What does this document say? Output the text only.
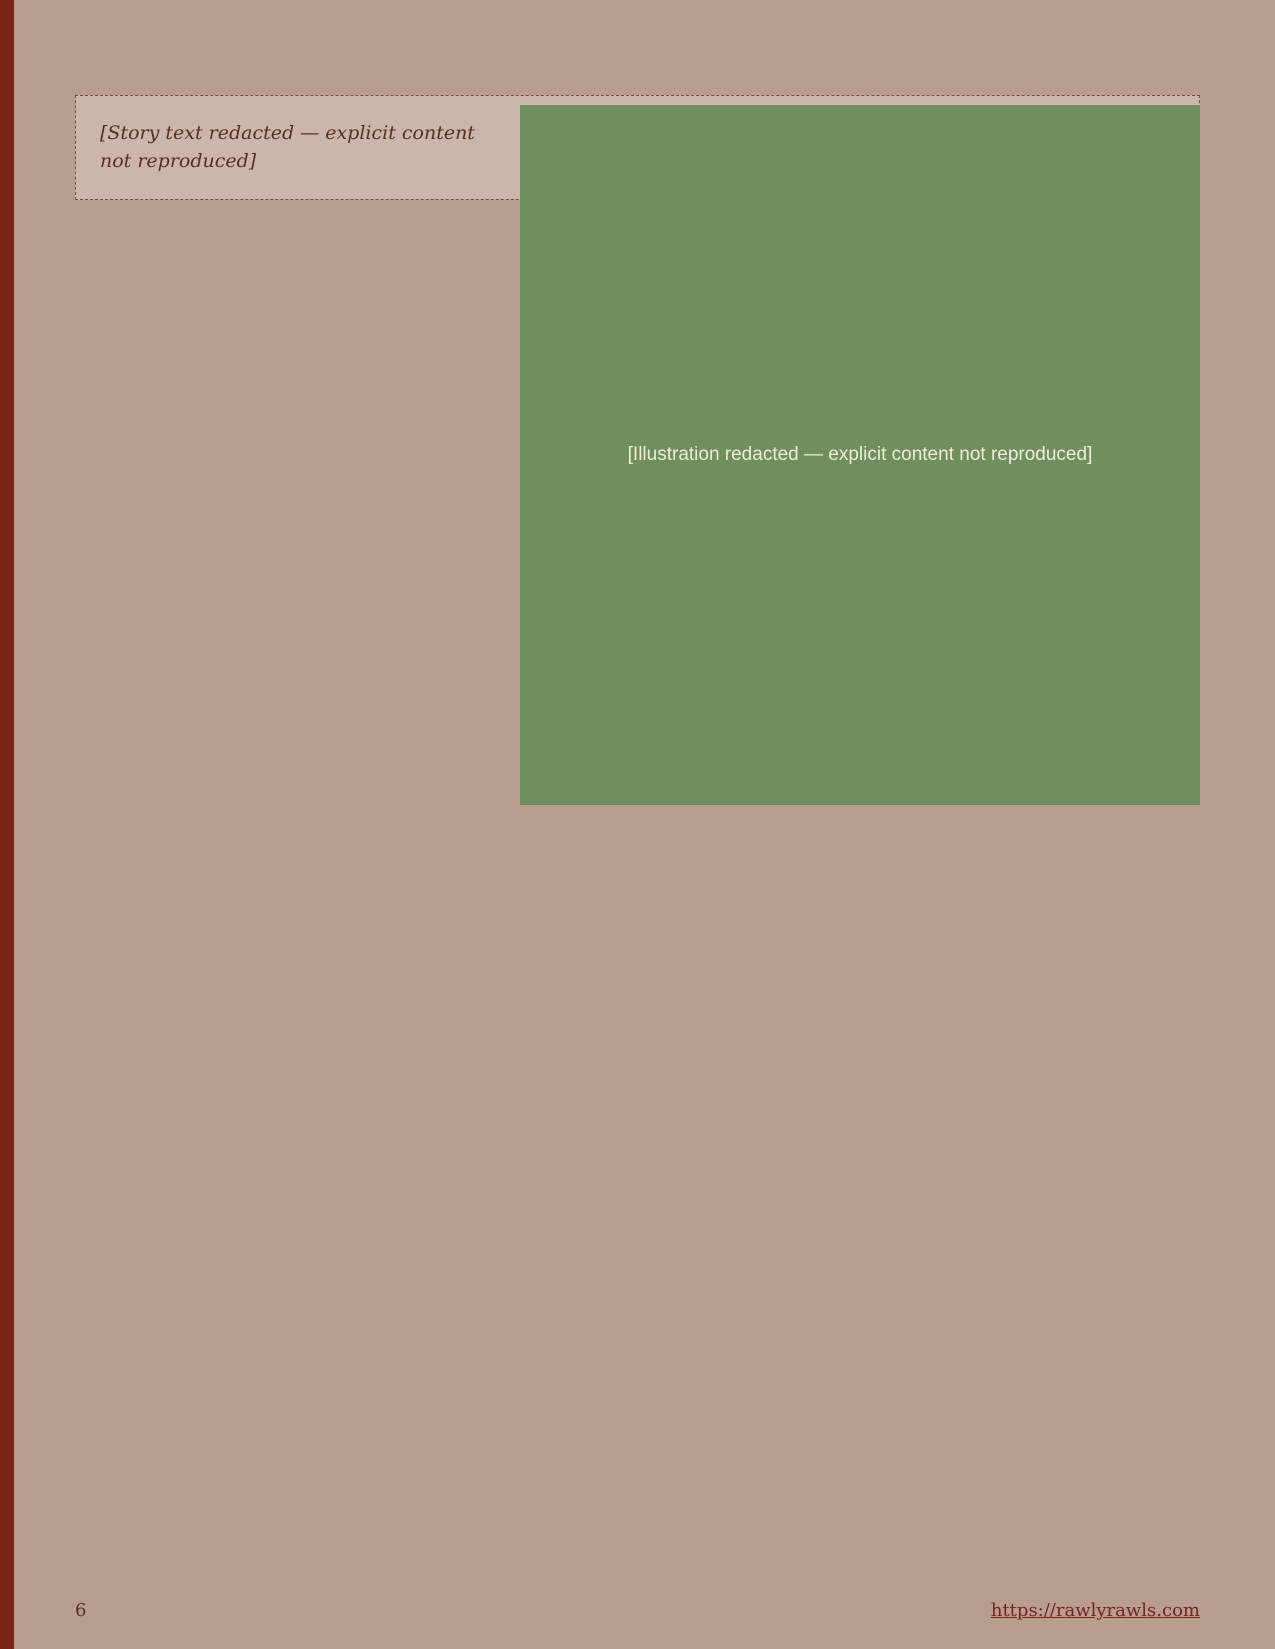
[Illustration redacted — explicit content not reproduced]
[Story text redacted — explicit content not reproduced]
6	https://rawlyrawls.com
